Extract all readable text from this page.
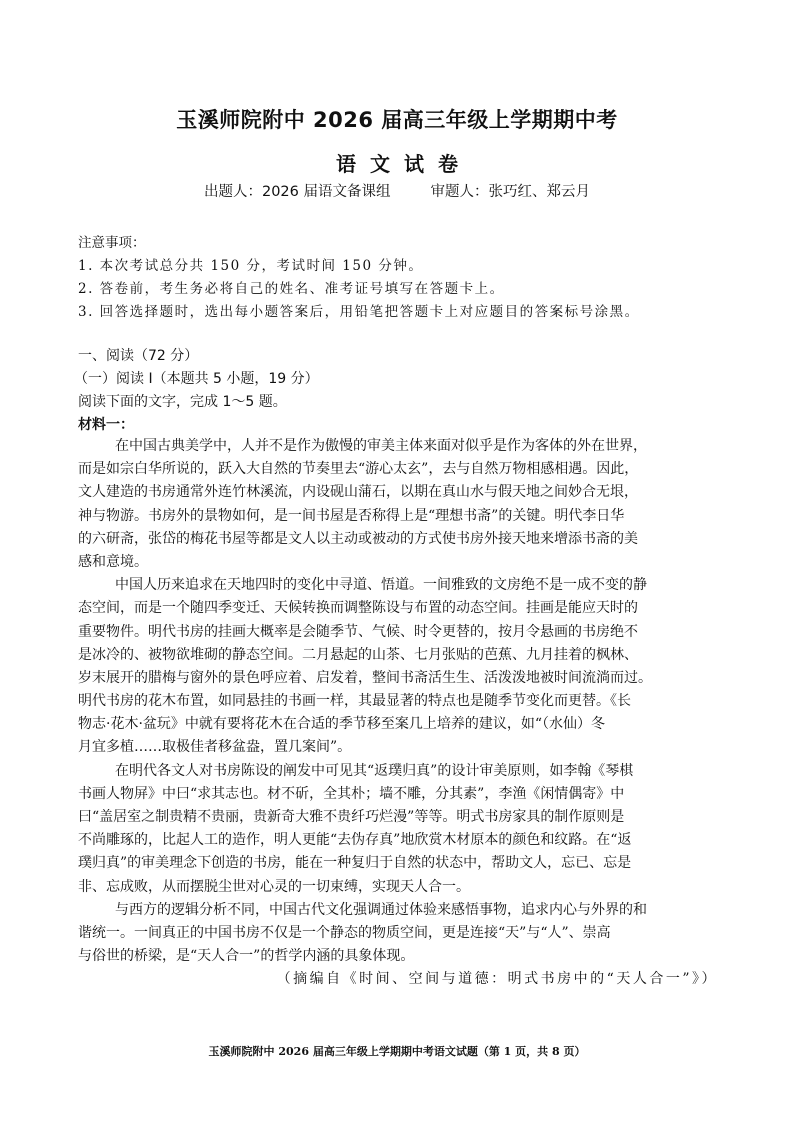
玉溪师院附中 2026 届高三年级上学期期中考
语文试卷
出题人：2026 届语文备课组	审题人：张巧红、郑云月
注意事项：
1. 本次考试总分共 150 分，考试时间 150 分钟。
2. 答卷前，考生务必将自己的姓名、准考证号填写在答题卡上。
3. 回答选择题时，选出每小题答案后，用铅笔把答题卡上对应题目的答案标号涂黑。
一、阅读（72 分）
（一）阅读 I（本题共 5 小题，19 分）
阅读下面的文字，完成 1～5 题。
材料一：
在中国古典美学中，人并不是作为傲慢的审美主体来面对似乎是作为客体的外在世界，
而是如宗白华所说的，跃入大自然的节奏里去“游心太玄”，去与自然万物相感相遇。因此，
文人建造的书房通常外连竹林溪流，内设砚山蒲石，以期在真山水与假天地之间妙合无垠，
神与物游。书房外的景物如何，是一间书屋是否称得上是“理想书斋”的关键。明代李日华
的六研斋，张岱的梅花书屋等都是文人以主动或被动的方式使书房外接天地来增添书斋的美
感和意境。
中国人历来追求在天地四时的变化中寻道、悟道。一间雅致的文房绝不是一成不变的静
态空间，而是一个随四季变迁、天候转换而调整陈设与布置的动态空间。挂画是能应天时的
重要物件。明代书房的挂画大概率是会随季节、气候、时令更替的，按月令悬画的书房绝不
是冰冷的、被物欲堆砌的静态空间。二月悬起的山茶、七月张贴的芭蕉、九月挂着的枫林、
岁末展开的腊梅与窗外的景色呼应着、启发着，整间书斋活生生、活泼泼地被时间流淌而过。
明代书房的花木布置，如同悬挂的书画一样，其最显著的特点也是随季节变化而更替。《长
物志·花木·盆玩》中就有要将花木在合适的季节移至案几上培养的建议，如“（水仙）冬
月宜多植……取极佳者移盆盎，置几案间”。
在明代各文人对书房陈设的阐发中可见其“返璞归真”的设计审美原则，如李翰《琴棋
书画人物屏》中曰“求其志也。材不斫，全其朴；墙不雕，分其素”，李渔《闲情偶寄》中
曰“盖居室之制贵精不贵丽，贵新奇大雅不贵纤巧烂漫”等等。明式书房家具的制作原则是
不尚雕琢的，比起人工的造作，明人更能“去伪存真”地欣赏木材原本的颜色和纹路。在“返
璞归真”的审美理念下创造的书房，能在一种复归于自然的状态中，帮助文人，忘已、忘是
非、忘成败，从而摆脱尘世对心灵的一切束缚，实现天人合一。
与西方的逻辑分析不同，中国古代文化强调通过体验来感悟事物，追求内心与外界的和
谐统一。一间真正的中国书房不仅是一个静态的物质空间，更是连接“天”与“人”、崇高
与俗世的桥梁，是“天人合一”的哲学内涵的具象体现。
（摘编自《时间、空间与道德：明式书房中的“天人合一”》）
玉溪师院附中 2026 届高三年级上学期期中考语文试题（第 1 页，共 8 页）
